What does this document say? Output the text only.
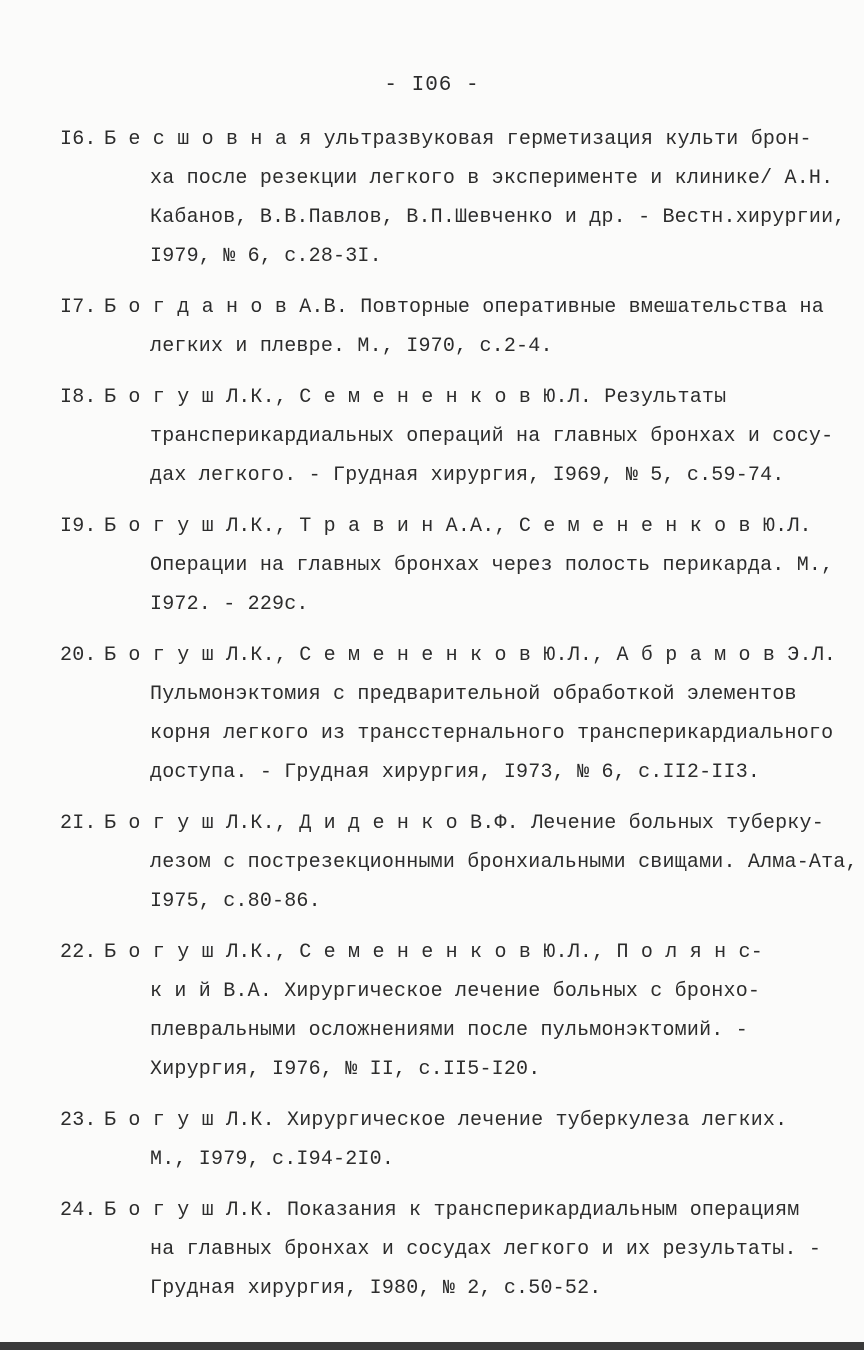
- I06 -
I6. Б е с ш о в н а я ультразвуковая герметизация культи брон-
ха после резекции легкого в эксперименте и клинике/ А.Н.
Кабанов, В.В.Павлов, В.П.Шевченко и др. - Вестн.хирургии,
I979, № 6, с.28-3I.
I7. Б о г д а н о в А.В. Повторные оперативные вмешательства на
легких и плевре. М., I970, с.2-4.
I8. Б о г у ш Л.К., С е м е н е н к о в Ю.Л. Результаты
трансперикардиальных операций на главных бронхах и сосу-
дах легкого. - Грудная хирургия, I969, № 5, с.59-74.
I9. Б о г у ш Л.К., Т р а в и н А.А., С е м е н е н к о в Ю.Л.
Операции на главных бронхах через полость перикарда. М.,
I972. - 229с.
20. Б о г у ш Л.К., С е м е н е н к о в Ю.Л., А б р а м о в Э.Л.
Пульмонэктомия с предварительной обработкой элементов
корня легкого из трансстернального трансперикардиального
доступа. - Грудная хирургия, I973, № 6, с.II2-II3.
2I. Б о г у ш Л.К., Д и д е н к о В.Ф. Лечение больных туберку-
лезом с пострезекционными бронхиальными свищами. Алма-Ата,
I975, с.80-86.
22. Б о г у ш Л.К., С е м е н е н к о в Ю.Л., П о л я н с-
к и й В.А. Хирургическое лечение больных с бронхо-
плевральными осложнениями после пульмонэктомий. -
Хирургия, I976, № II, с.II5-I20.
23. Б о г у ш Л.К. Хирургическое лечение туберкулеза легких.
М., I979, с.I94-2I0.
24. Б о г у ш Л.К. Показания к трансперикардиальным операциям
на главных бронхах и сосудах легкого и их результаты. -
Грудная хирургия, I980, № 2, с.50-52.
